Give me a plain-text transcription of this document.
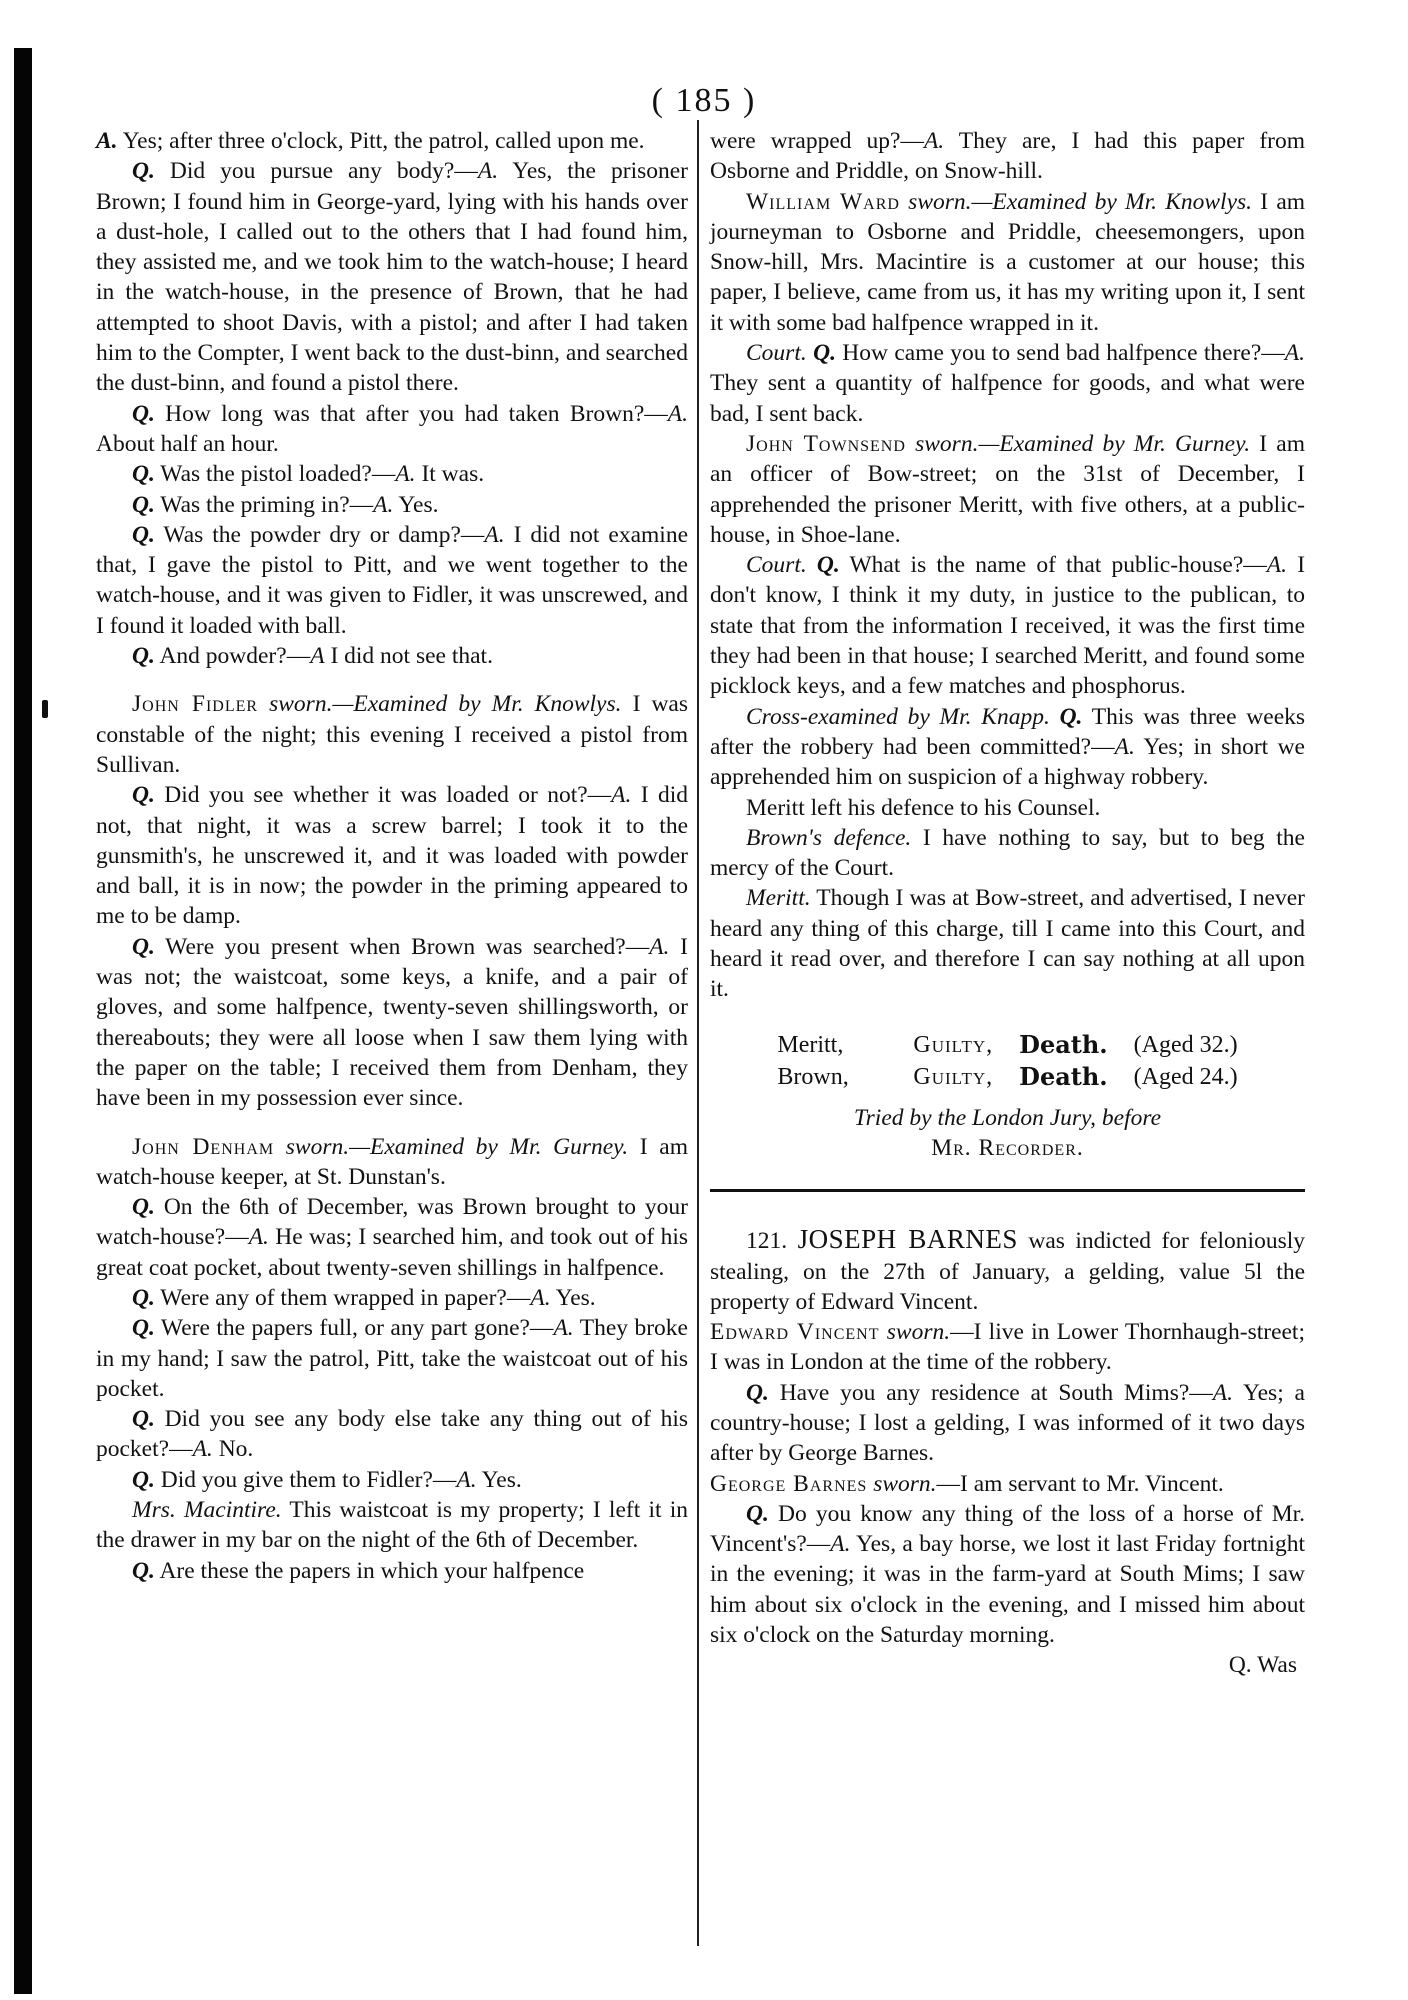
( 185 )

A. Yes; after three o'clock, Pitt, the patrol, called upon me.

Q. Did you pursue any body?—A. Yes, the prisoner Brown; I found him in George-yard, lying with his hands over a dust-hole, I called out to the others that I had found him, they assisted me, and we took him to the watch-house; I heard in the watch-house, in the presence of Brown, that he had attempted to shoot Davis, with a pistol; and after I had taken him to the Compter, I went back to the dust-binn, and searched the dust-binn, and found a pistol there.

Q. How long was that after you had taken Brown?—A. About half an hour.

Q. Was the pistol loaded?—A. It was.

Q. Was the priming in?—A. Yes.

Q. Was the powder dry or damp?—A. I did not examine that, I gave the pistol to Pitt, and we went together to the watch-house, and it was given to Fidler, it was unscrewed, and I found it loaded with ball.

Q. And powder?—A I did not see that.

John Fidler sworn.—Examined by Mr. Knowlys. I was constable of the night; this evening I received a pistol from Sullivan.

Q. Did you see whether it was loaded or not?—A. I did not, that night, it was a screw barrel; I took it to the gunsmith's, he unscrewed it, and it was loaded with powder and ball, it is in now; the powder in the priming appeared to me to be damp.

Q. Were you present when Brown was searched?—A. I was not; the waistcoat, some keys, a knife, and a pair of gloves, and some halfpence, twenty-seven shillingsworth, or thereabouts; they were all loose when I saw them lying with the paper on the table; I received them from Denham, they have been in my possession ever since.

John Denham sworn.—Examined by Mr. Gurney. I am watch-house keeper, at St. Dunstan's.

Q. On the 6th of December, was Brown brought to your watch-house?—A. He was; I searched him, and took out of his great coat pocket, about twenty-seven shillings in halfpence.

Q. Were any of them wrapped in paper?—A. Yes.

Q. Were the papers full, or any part gone?—A. They broke in my hand; I saw the patrol, Pitt, take the waistcoat out of his pocket.

Q. Did you see any body else take any thing out of his pocket?—A. No.

Q. Did you give them to Fidler?—A. Yes.

Mrs. Macintire. This waistcoat is my property; I left it in the drawer in my bar on the night of the 6th of December.

Q. Are these the papers in which your halfpence

were wrapped up?—A. They are, I had this paper from Osborne and Priddle, on Snow-hill.

William Ward sworn.—Examined by Mr. Knowlys. I am journeyman to Osborne and Priddle, cheesemongers, upon Snow-hill, Mrs. Macintire is a customer at our house; this paper, I believe, came from us, it has my writing upon it, I sent it with some bad halfpence wrapped in it.

Court. Q. How came you to send bad halfpence there?—A. They sent a quantity of halfpence for goods, and what were bad, I sent back.

John Townsend sworn.—Examined by Mr. Gurney. I am an officer of Bow-street; on the 31st of December, I apprehended the prisoner Meritt, with five others, at a public-house, in Shoe-lane.

Court. Q. What is the name of that public-house?—A. I don't know, I think it my duty, in justice to the publican, to state that from the information I received, it was the first time they had been in that house; I searched Meritt, and found some picklock keys, and a few matches and phosphorus.

Cross-examined by Mr. Knapp. Q. This was three weeks after the robbery had been committed?—A. Yes; in short we apprehended him on suspicion of a highway robbery.

Meritt left his defence to his Counsel.

Brown's defence. I have nothing to say, but to beg the mercy of the Court.

Meritt. Though I was at Bow-street, and advertised, I never heard any thing of this charge, till I came into this Court, and heard it read over, and therefore I can say nothing at all upon it.

Meritt,	Guilty, Death. (Aged 32.)
Brown,	Guilty, Death. (Aged 24.)
Tried by the London Jury, before
Mr. Recorder.

121. JOSEPH BARNES was indicted for feloniously stealing, on the 27th of January, a gelding, value 5l the property of Edward Vincent.

Edward Vincent sworn.—I live in Lower Thornhaugh-street; I was in London at the time of the robbery.

Q. Have you any residence at South Mims?—A. Yes; a country-house; I lost a gelding, I was informed of it two days after by George Barnes.

George Barnes sworn.—I am servant to Mr. Vincent.

Q. Do you know any thing of the loss of a horse of Mr. Vincent's?—A. Yes, a bay horse, we lost it last Friday fortnight in the evening; it was in the farm-yard at South Mims; I saw him about six o'clock in the evening, and I missed him about six o'clock on the Saturday morning.

Q. Was
